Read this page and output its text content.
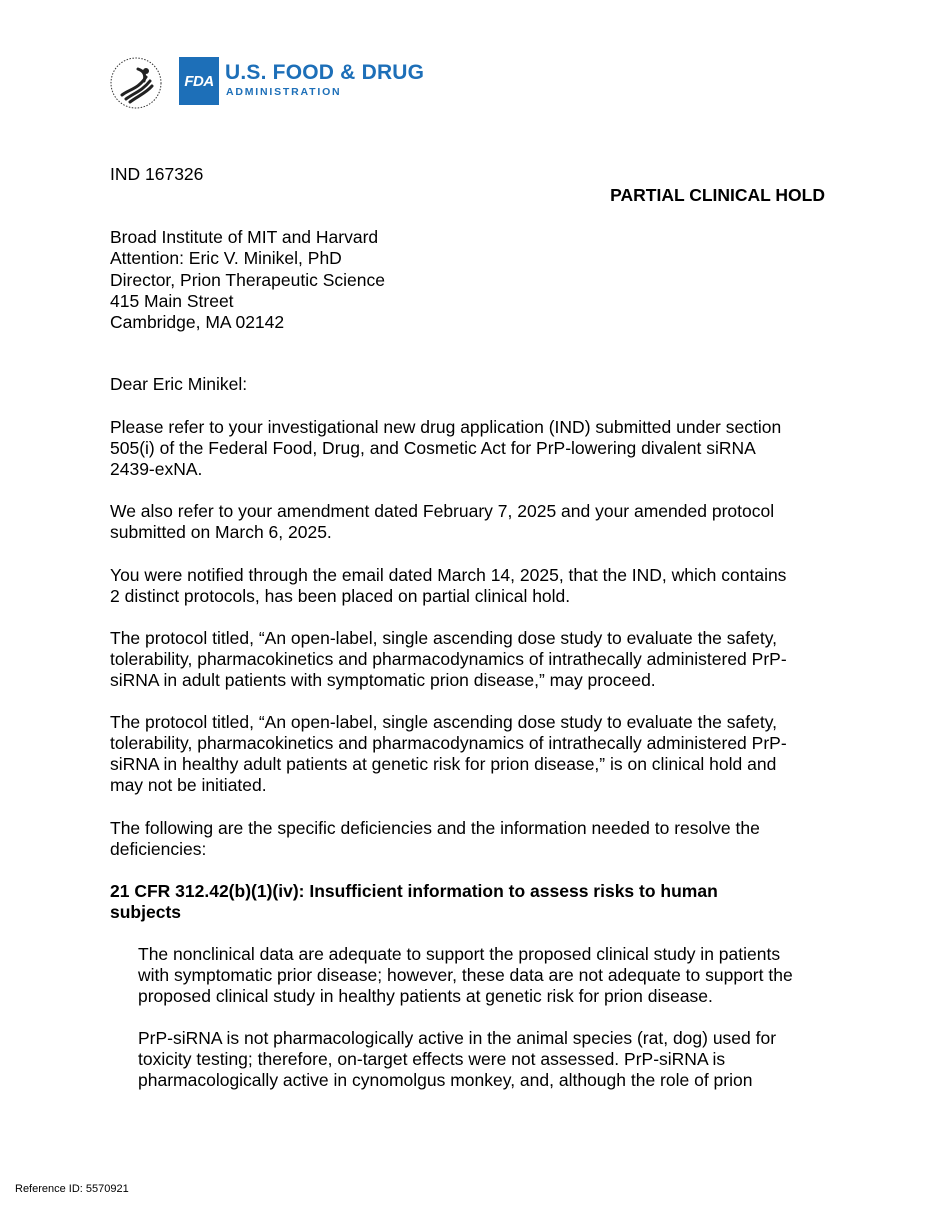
FDA U.S. FOOD & DRUG
ADMINISTRATION
IND 167326
PARTIAL CLINICAL HOLD
Broad Institute of MIT and Harvard
Attention: Eric V. Minikel, PhD
Director, Prion Therapeutic Science
415 Main Street
Cambridge, MA 02142
Dear Eric Minikel:
Please refer to your investigational new drug application (IND) submitted under section
505(i) of the Federal Food, Drug, and Cosmetic Act for PrP-lowering divalent siRNA
2439-exNA.
We also refer to your amendment dated February 7, 2025 and your amended protocol
submitted on March 6, 2025.
You were notified through the email dated March 14, 2025, that the IND, which contains
2 distinct protocols, has been placed on partial clinical hold.
The protocol titled, “An open-label, single ascending dose study to evaluate the safety,
tolerability, pharmacokinetics and pharmacodynamics of intrathecally administered PrP-
siRNA in adult patients with symptomatic prion disease,” may proceed.
The protocol titled, “An open-label, single ascending dose study to evaluate the safety,
tolerability, pharmacokinetics and pharmacodynamics of intrathecally administered PrP-
siRNA in healthy adult patients at genetic risk for prion disease,” is on clinical hold and
may not be initiated.
The following are the specific deficiencies and the information needed to resolve the
deficiencies:
21 CFR 312.42(b)(1)(iv): Insufficient information to assess risks to human
subjects
The nonclinical data are adequate to support the proposed clinical study in patients
with symptomatic prior disease; however, these data are not adequate to support the
proposed clinical study in healthy patients at genetic risk for prion disease.
PrP-siRNA is not pharmacologically active in the animal species (rat, dog) used for
toxicity testing; therefore, on-target effects were not assessed. PrP-siRNA is
pharmacologically active in cynomolgus monkey, and, although the role of prion
Reference ID: 5570921
